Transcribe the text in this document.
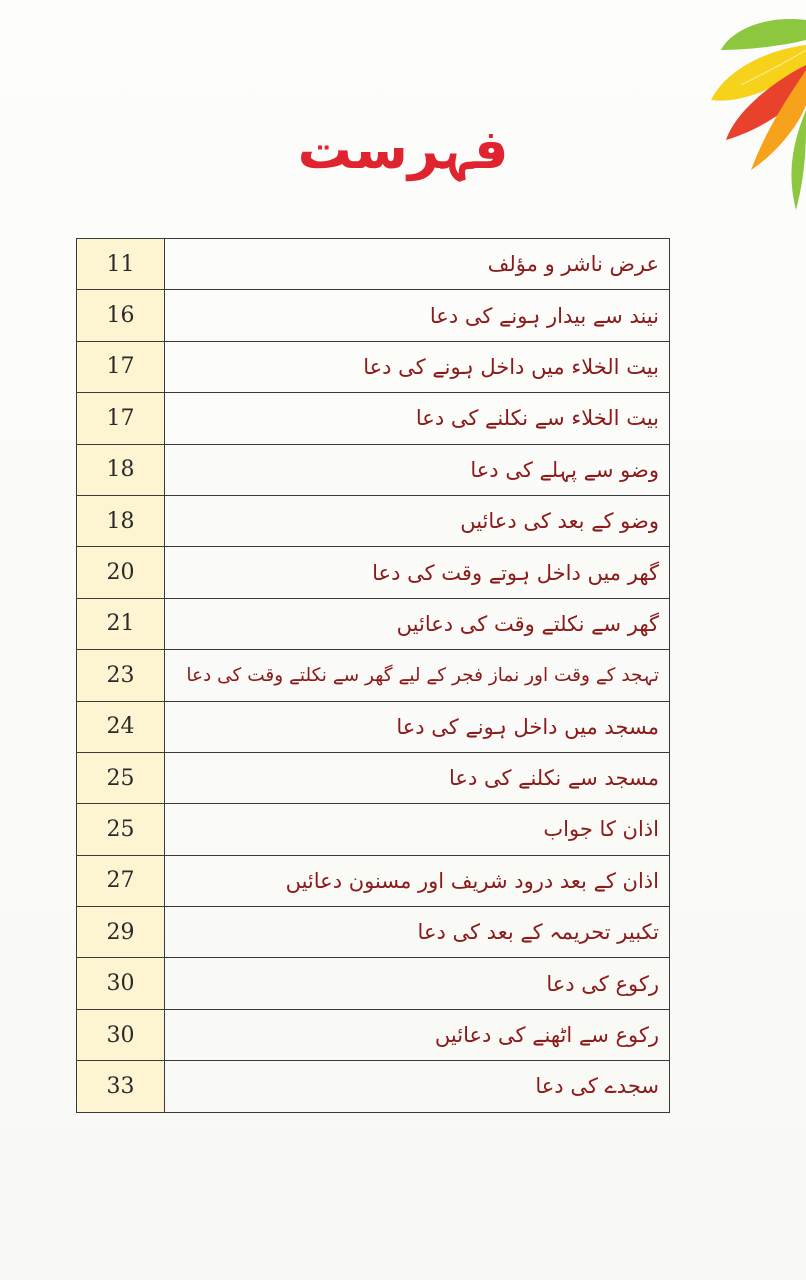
فہرست
11	عرض ناشر و مؤلف
16	نیند سے بیدار ہونے کی دعا
17	بیت الخلاء میں داخل ہونے کی دعا
17	بیت الخلاء سے نکلنے کی دعا
18	وضو سے پہلے کی دعا
18	وضو کے بعد کی دعائیں
20	گھر میں داخل ہوتے وقت کی دعا
21	گھر سے نکلتے وقت کی دعائیں
23	تہجد کے وقت اور نماز فجر کے لیے گھر سے نکلتے وقت کی دعا
24	مسجد میں داخل ہونے کی دعا
25	مسجد سے نکلنے کی دعا
25	اذان کا جواب
27	اذان کے بعد درود شریف اور مسنون دعائیں
29	تکبیر تحریمہ کے بعد کی دعا
30	رکوع کی دعا
30	رکوع سے اٹھنے کی دعائیں
33	سجدے کی دعا
